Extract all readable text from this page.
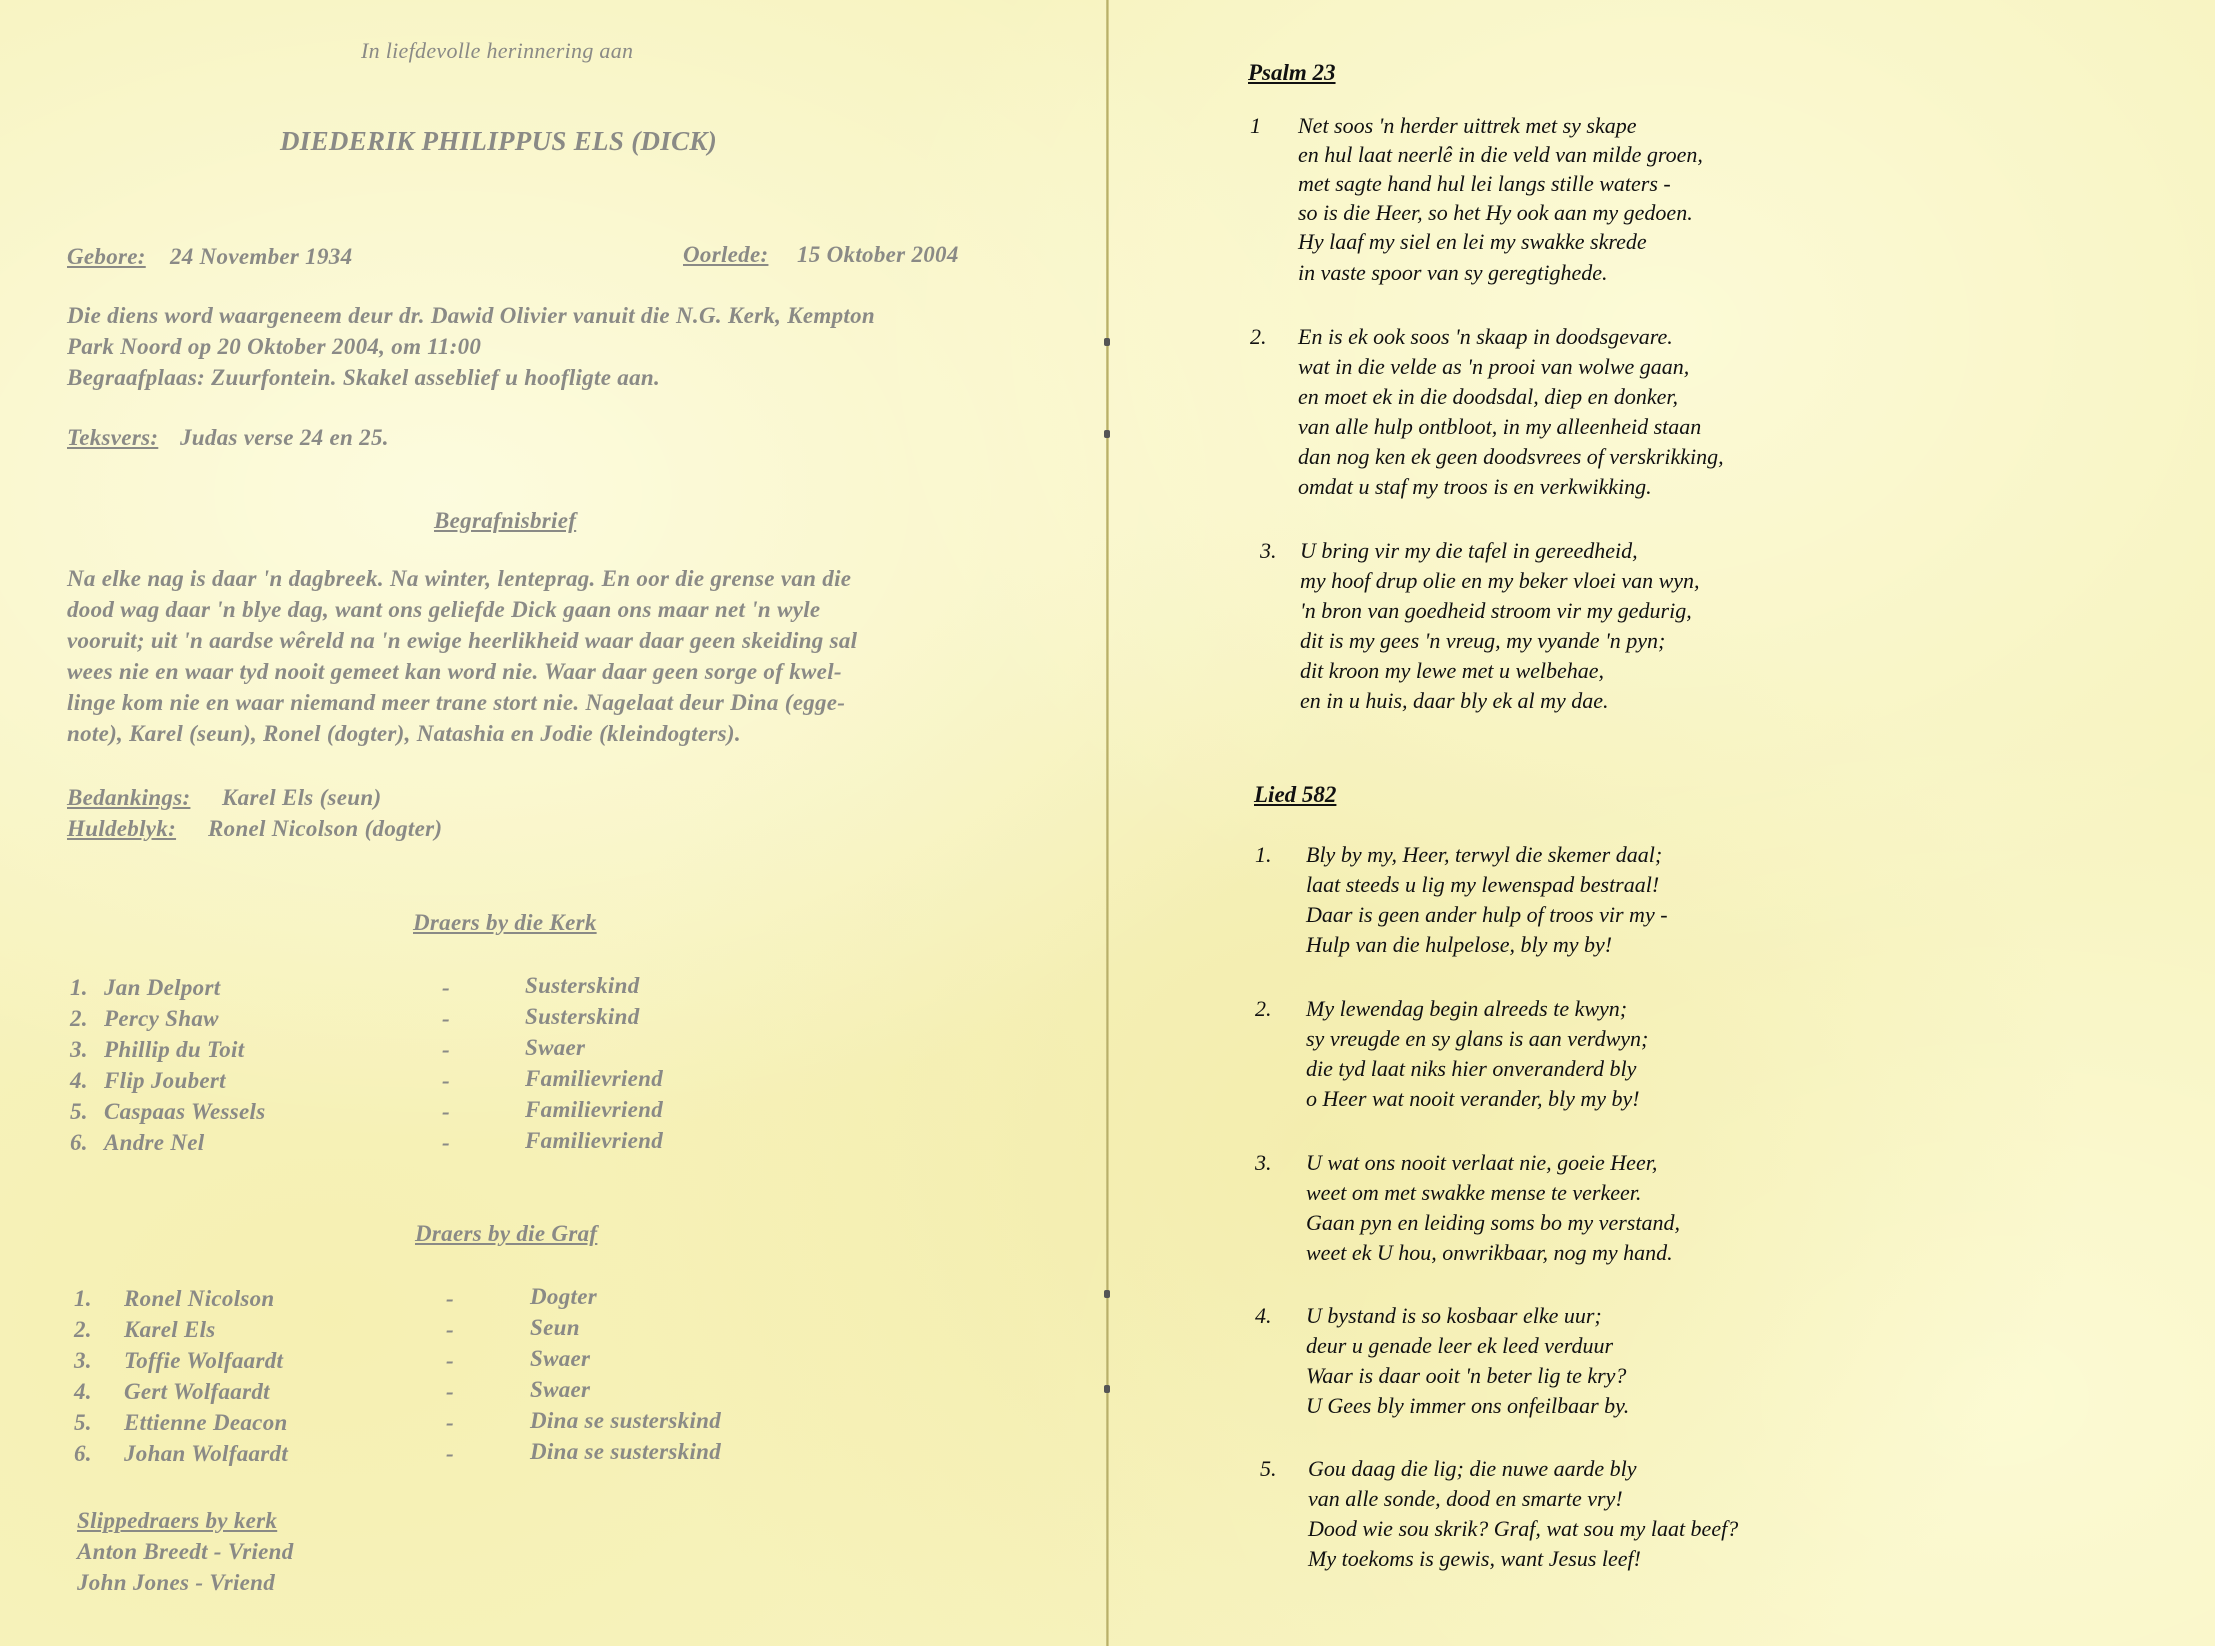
In liefdevolle herinnering aan
DIEDERIK PHILIPPUS ELS (DICK)
Gebore: 24 November 1934	Oorlede: 15 Oktober 2004
Die diens word waargeneem deur dr. Dawid Olivier vanuit die N.G. Kerk, Kempton
Park Noord op 20 Oktober 2004, om 11:00
Begraafplaas: Zuurfontein. Skakel asseblief u hoofligte aan.
Teksvers: Judas verse 24 en 25.
Begrafnisbrief
Na elke nag is daar 'n dagbreek. Na winter, lenteprag. En oor die grense van die
dood wag daar 'n blye dag, want ons geliefde Dick gaan ons maar net 'n wyle
vooruit; uit 'n aardse wêreld na 'n ewige heerlikheid waar daar geen skeiding sal
wees nie en waar tyd nooit gemeet kan word nie. Waar daar geen sorge of kwel-
linge kom nie en waar niemand meer trane stort nie. Nagelaat deur Dina (egge-
note), Karel (seun), Ronel (dogter), Natashia en Jodie (kleindogters).
Bedankings: Karel Els (seun)
Huldeblyk: Ronel Nicolson (dogter)
Draers by die Kerk
1. Jan Delport	-	Susterskind
2. Percy Shaw	-	Susterskind
3. Phillip du Toit	-	Swaer
4. Flip Joubert	-	Familievriend
5. Caspaas Wessels	-	Familievriend
6. Andre Nel	-	Familievriend
Draers by die Graf
1. Ronel Nicolson	-	Dogter
2. Karel Els	-	Seun
3. Toffie Wolfaardt	-	Swaer
4. Gert Wolfaardt	-	Swaer
5. Ettienne Deacon	-	Dina se susterskind
6. Johan Wolfaardt	-	Dina se susterskind
Slippedraers by kerk
Anton Breedt - Vriend
John Jones - Vriend
Psalm 23
1 Net soos 'n herder uittrek met sy skape
en hul laat neerlê in die veld van milde groen,
met sagte hand hul lei langs stille waters -
so is die Heer, so het Hy ook aan my gedoen.
Hy laaf my siel en lei my swakke skrede
in vaste spoor van sy geregtighede.
2. En is ek ook soos 'n skaap in doodsgevare.
wat in die velde as 'n prooi van wolwe gaan,
en moet ek in die doodsdal, diep en donker,
van alle hulp ontbloot, in my alleenheid staan
dan nog ken ek geen doodsvrees of verskrikking,
omdat u staf my troos is en verkwikking.
3. U bring vir my die tafel in gereedheid,
my hoof drup olie en my beker vloei van wyn,
'n bron van goedheid stroom vir my gedurig,
dit is my gees 'n vreug, my vyande 'n pyn;
dit kroon my lewe met u welbehae,
en in u huis, daar bly ek al my dae.
Lied 582
1. Bly by my, Heer, terwyl die skemer daal;
laat steeds u lig my lewenspad bestraal!
Daar is geen ander hulp of troos vir my -
Hulp van die hulpelose, bly my by!
2. My lewendag begin alreeds te kwyn;
sy vreugde en sy glans is aan verdwyn;
die tyd laat niks hier onveranderd bly
o Heer wat nooit verander, bly my by!
3. U wat ons nooit verlaat nie, goeie Heer,
weet om met swakke mense te verkeer.
Gaan pyn en leiding soms bo my verstand,
weet ek U hou, onwrikbaar, nog my hand.
4. U bystand is so kosbaar elke uur;
deur u genade leer ek leed verduur
Waar is daar ooit 'n beter lig te kry?
U Gees bly immer ons onfeilbaar by.
5. Gou daag die lig; die nuwe aarde bly
van alle sonde, dood en smarte vry!
Dood wie sou skrik? Graf, wat sou my laat beef?
My toekoms is gewis, want Jesus leef!
